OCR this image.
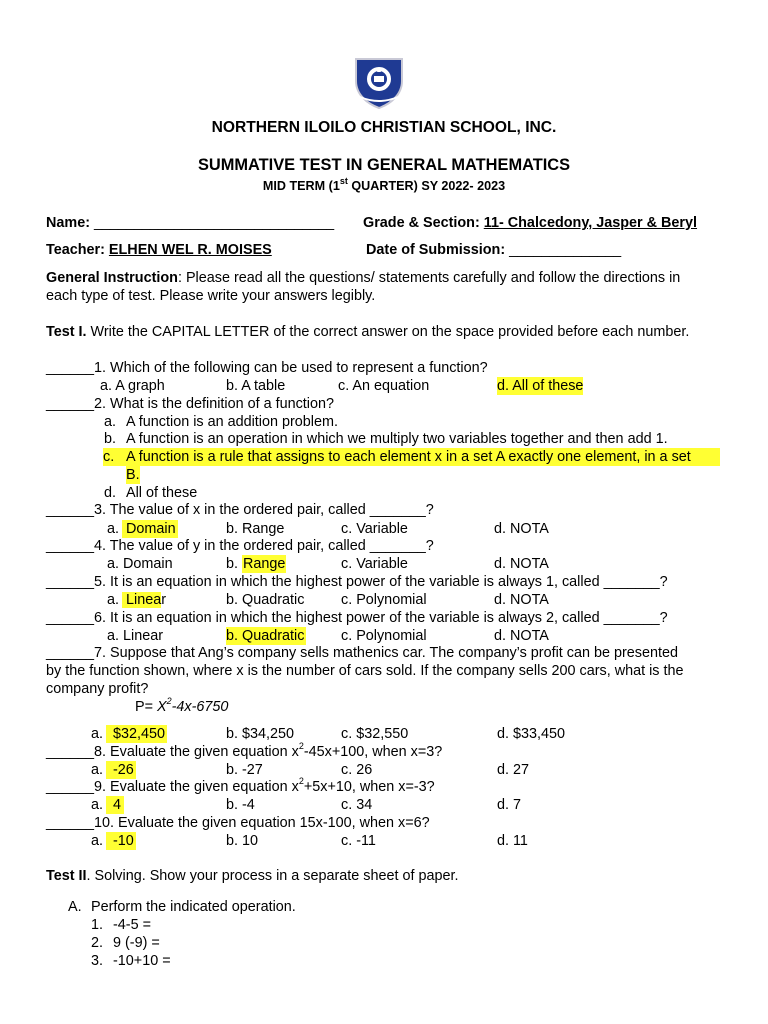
NORTHERN ILOILO CHRISTIAN SCHOOL, INC.
SUMMATIVE TEST IN GENERAL MATHEMATICS
MID TERM (1st QUARTER) SY 2022- 2023
Name: ______________________________ Grade & Section: 11- Chalcedony, Jasper & Beryl
Teacher: ELHEN WEL R. MOISES	Date of Submission: ______________
General Instruction: Please read all the questions/ statements carefully and follow the directions in
each type of test. Please write your answers legibly.
Test I. Write the CAPITAL LETTER of the correct answer on the space provided before each number.
______1. Which of the following can be used to represent a function?
a. A graph	b. A table	c. An equation	d. All of these
______2. What is the definition of a function?
a. A function is an addition problem.
b. A function is an operation in which we multiply two variables together and then add 1.
c. A function is a rule that assigns to each element x in a set A exactly one element, in a set
B.
d. All of these
______3. The value of x in the ordered pair, called _______?
a. Domain	b. Range	c. Variable	d. NOTA
______4. The value of y in the ordered pair, called _______?
a. Domain	b. Range	c. Variable	d. NOTA
______5. It is an equation in which the highest power of the variable is always 1, called _______?
a. Linear	b. Quadratic	c. Polynomial	d. NOTA
______6. It is an equation in which the highest power of the variable is always 2, called _______?
a. Linear	b. Quadratic	c. Polynomial	d. NOTA
______7. Suppose that Ang’s company sells mathenics car. The company’s profit can be presented
by the function shown, where x is the number of cars sold. If the company sells 200 cars, what is the
company profit?
$P= X^2-4x-6750$
a. $32,450	b. $34,250	c. $32,550	d. $33,450
______8. Evaluate the given equation $x^2-45x+100$, when x=3?
a. -26	b. -27	c. 26	d. 27
______9. Evaluate the given equation $x^2+5x+10$, when x=-3?
a. 4	b. -4	c. 34	d. 7
______10. Evaluate the given equation 15x-100, when x=6?
a. -10	b. 10	c. -11	d. 11
Test II. Solving. Show your process in a separate sheet of paper.
A. Perform the indicated operation.
1. -4-5 =
2. 9 (-9) =
3. -10+10 =
